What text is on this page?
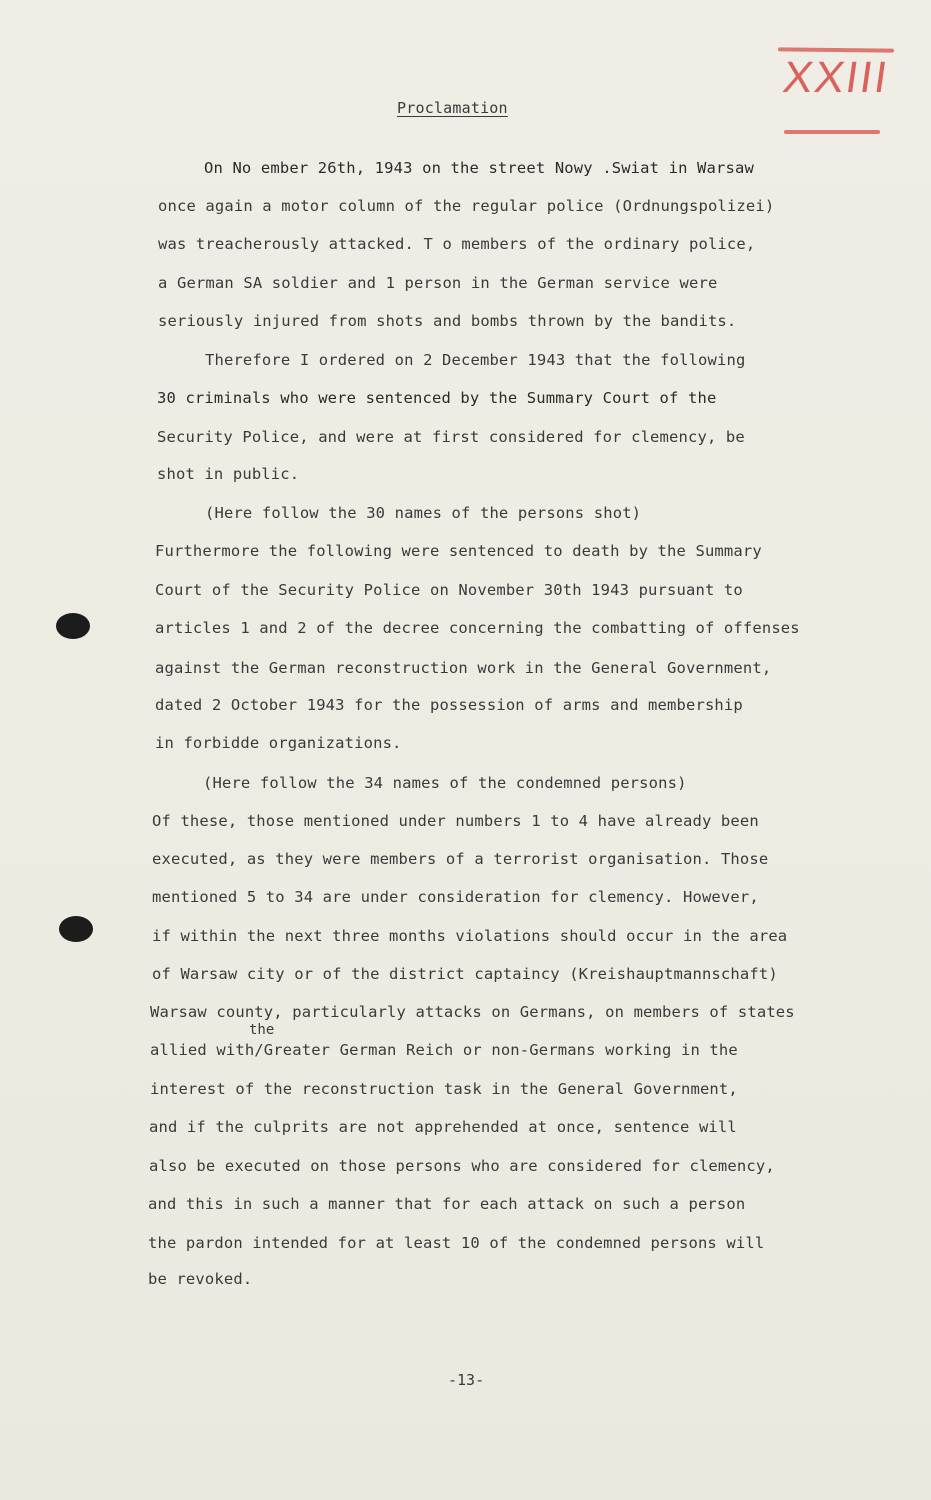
XXIII
Proclamation
On No ember 26th, 1943 on the street Nowy .Swiat in Warsaw
once again a motor column of the regular police (Ordnungspolizei)
was treacherously attacked. T o members of the ordinary police,
a German SA soldier and 1 person in the German service were
seriously injured from shots and bombs thrown by the bandits.
Therefore I ordered on 2 December 1943 that the following
30 criminals who were sentenced by the Summary Court of the
Security Police, and were at first considered for clemency, be
shot in public.
(Here follow the 30 names of the persons shot)
Furthermore the following were sentenced to death by the Summary
Court of the Security Police on November 30th 1943 pursuant to
articles 1 and 2 of the decree concerning the combatting of offenses
against the German reconstruction work in the General Government,
dated 2 October 1943 for the possession of arms and membership
in forbidde organizations.
(Here follow the 34 names of the condemned persons)
Of these, those mentioned under numbers 1 to 4 have already been
executed, as they were members of a terrorist organisation. Those
mentioned 5 to 34 are under consideration for clemency. However,
if within the next three months violations should occur in the area
of Warsaw city or of the district captaincy (Kreishauptmannschaft)
Warsaw county, particularly attacks on Germans, on members of states
the
allied with/Greater German Reich or non-Germans working in the
interest of the reconstruction task in the General Government,
and if the culprits are not apprehended at once, sentence will
also be executed on those persons who are considered for clemency,
and this in such a manner that for each attack on such a person
the pardon intended for at least 10 of the condemned persons will
be revoked.
-13-
